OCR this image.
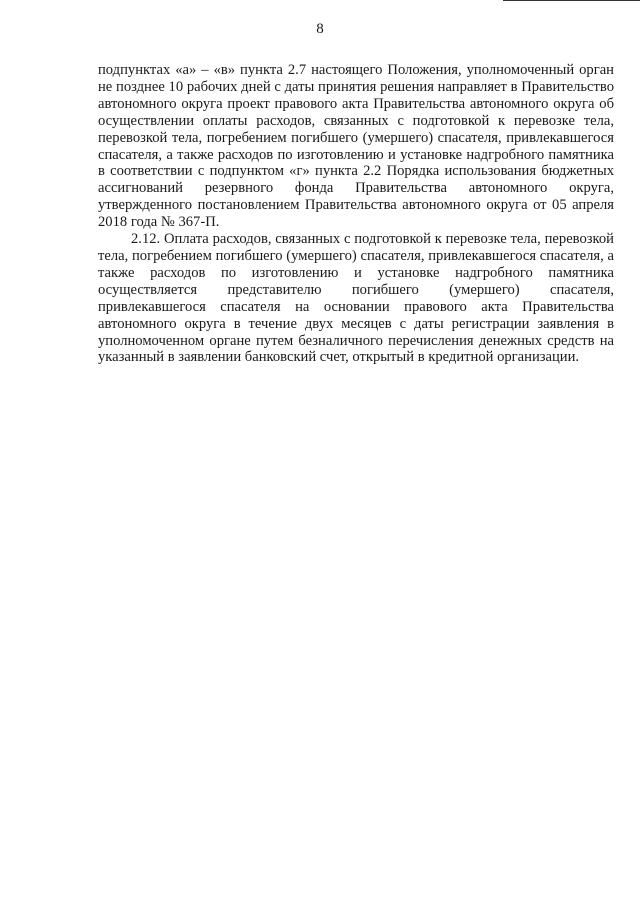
8

подпунктах «а» – «в» пункта 2.7 настоящего Положения, уполномоченный орган не позднее 10 рабочих дней с даты принятия решения направляет в Правительство автономного округа проект правового акта Правительства автономного округа об осуществлении оплаты расходов, связанных с подготовкой к перевозке тела, перевозкой тела, погребением погибшего (умершего) спасателя, привлекавшегося спасателя, а также расходов по изготовлению и установке надгробного памятника в соответствии с подпунктом «г» пункта 2.2 Порядка использования бюджетных ассигнований резервного фонда Правительства автономного округа, утвержденного постановлением Правительства автономного округа от 05 апреля 2018 года № 367-П.

2.12. Оплата расходов, связанных с подготовкой к перевозке тела, перевозкой тела, погребением погибшего (умершего) спасателя, привлекавшегося спасателя, а также расходов по изготовлению и установке надгробного памятника осуществляется представителю погибшего (умершего) спасателя, привлекавшегося спасателя на основании правового акта Правительства автономного округа в течение двух месяцев с даты регистрации заявления в уполномоченном органе путем безналичного перечисления денежных средств на указанный в заявлении банковский счет, открытый в кредитной организации.
